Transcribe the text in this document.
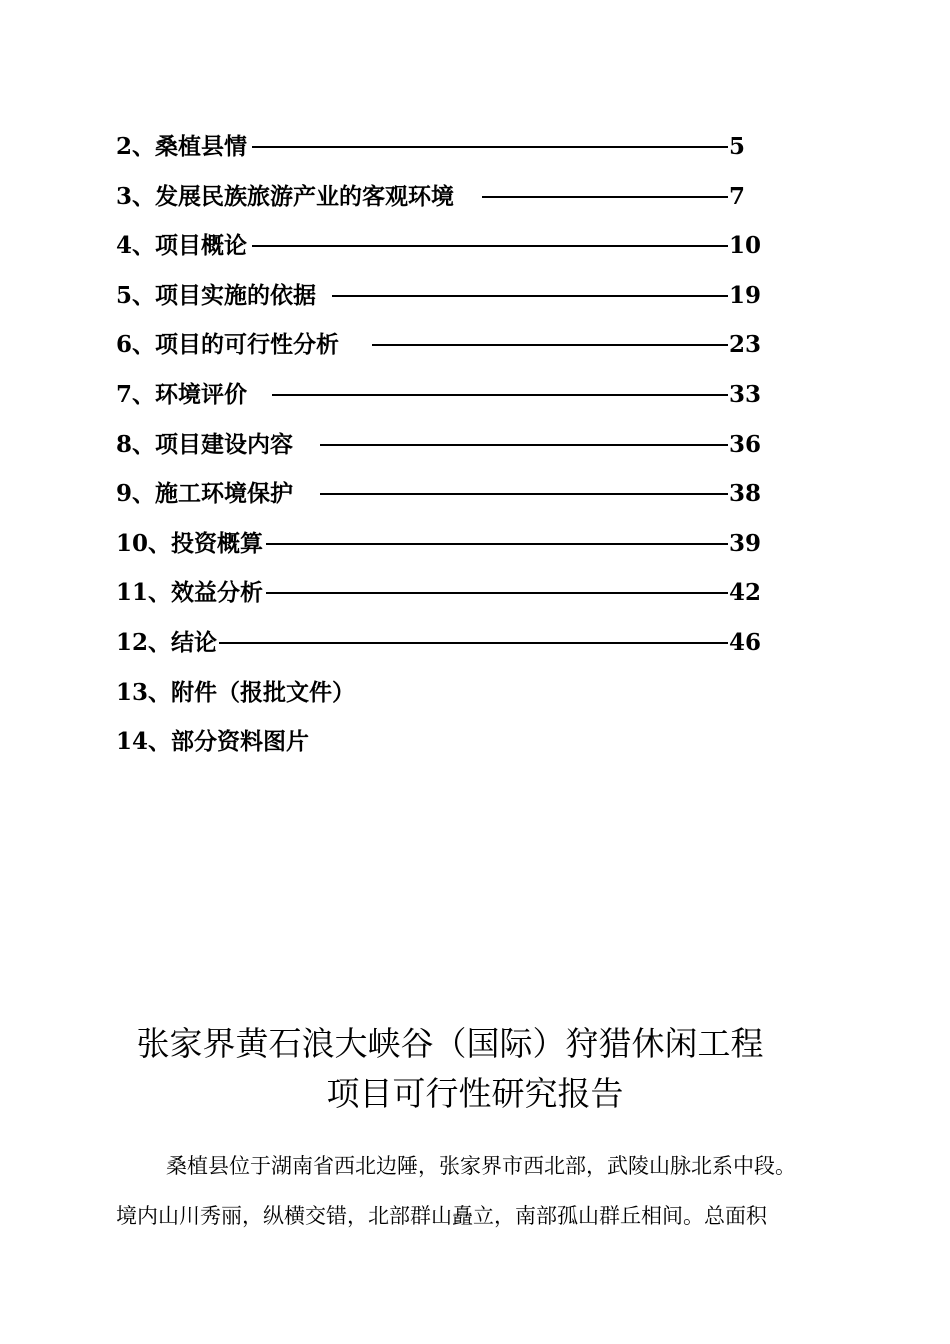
2、桑植县情	5
3、发展民族旅游产业的客观环境	7
4、项目概论	10
5、项目实施的依据	19
6、项目的可行性分析	23
7、环境评价	33
8、项目建设内容	36
9、施工环境保护	38
10、投资概算	39
11、效益分析	42
12、结论	46
13、附件（报批文件）
14、部分资料图片
张家界黄石浪大峡谷（国际）狩猎休闲工程
项目可行性研究报告
桑植县位于湖南省西北边陲，张家界市西北部，武陵山脉北系中段。
境内山川秀丽，纵横交错，北部群山矗立，南部孤山群丘相间。总面积
